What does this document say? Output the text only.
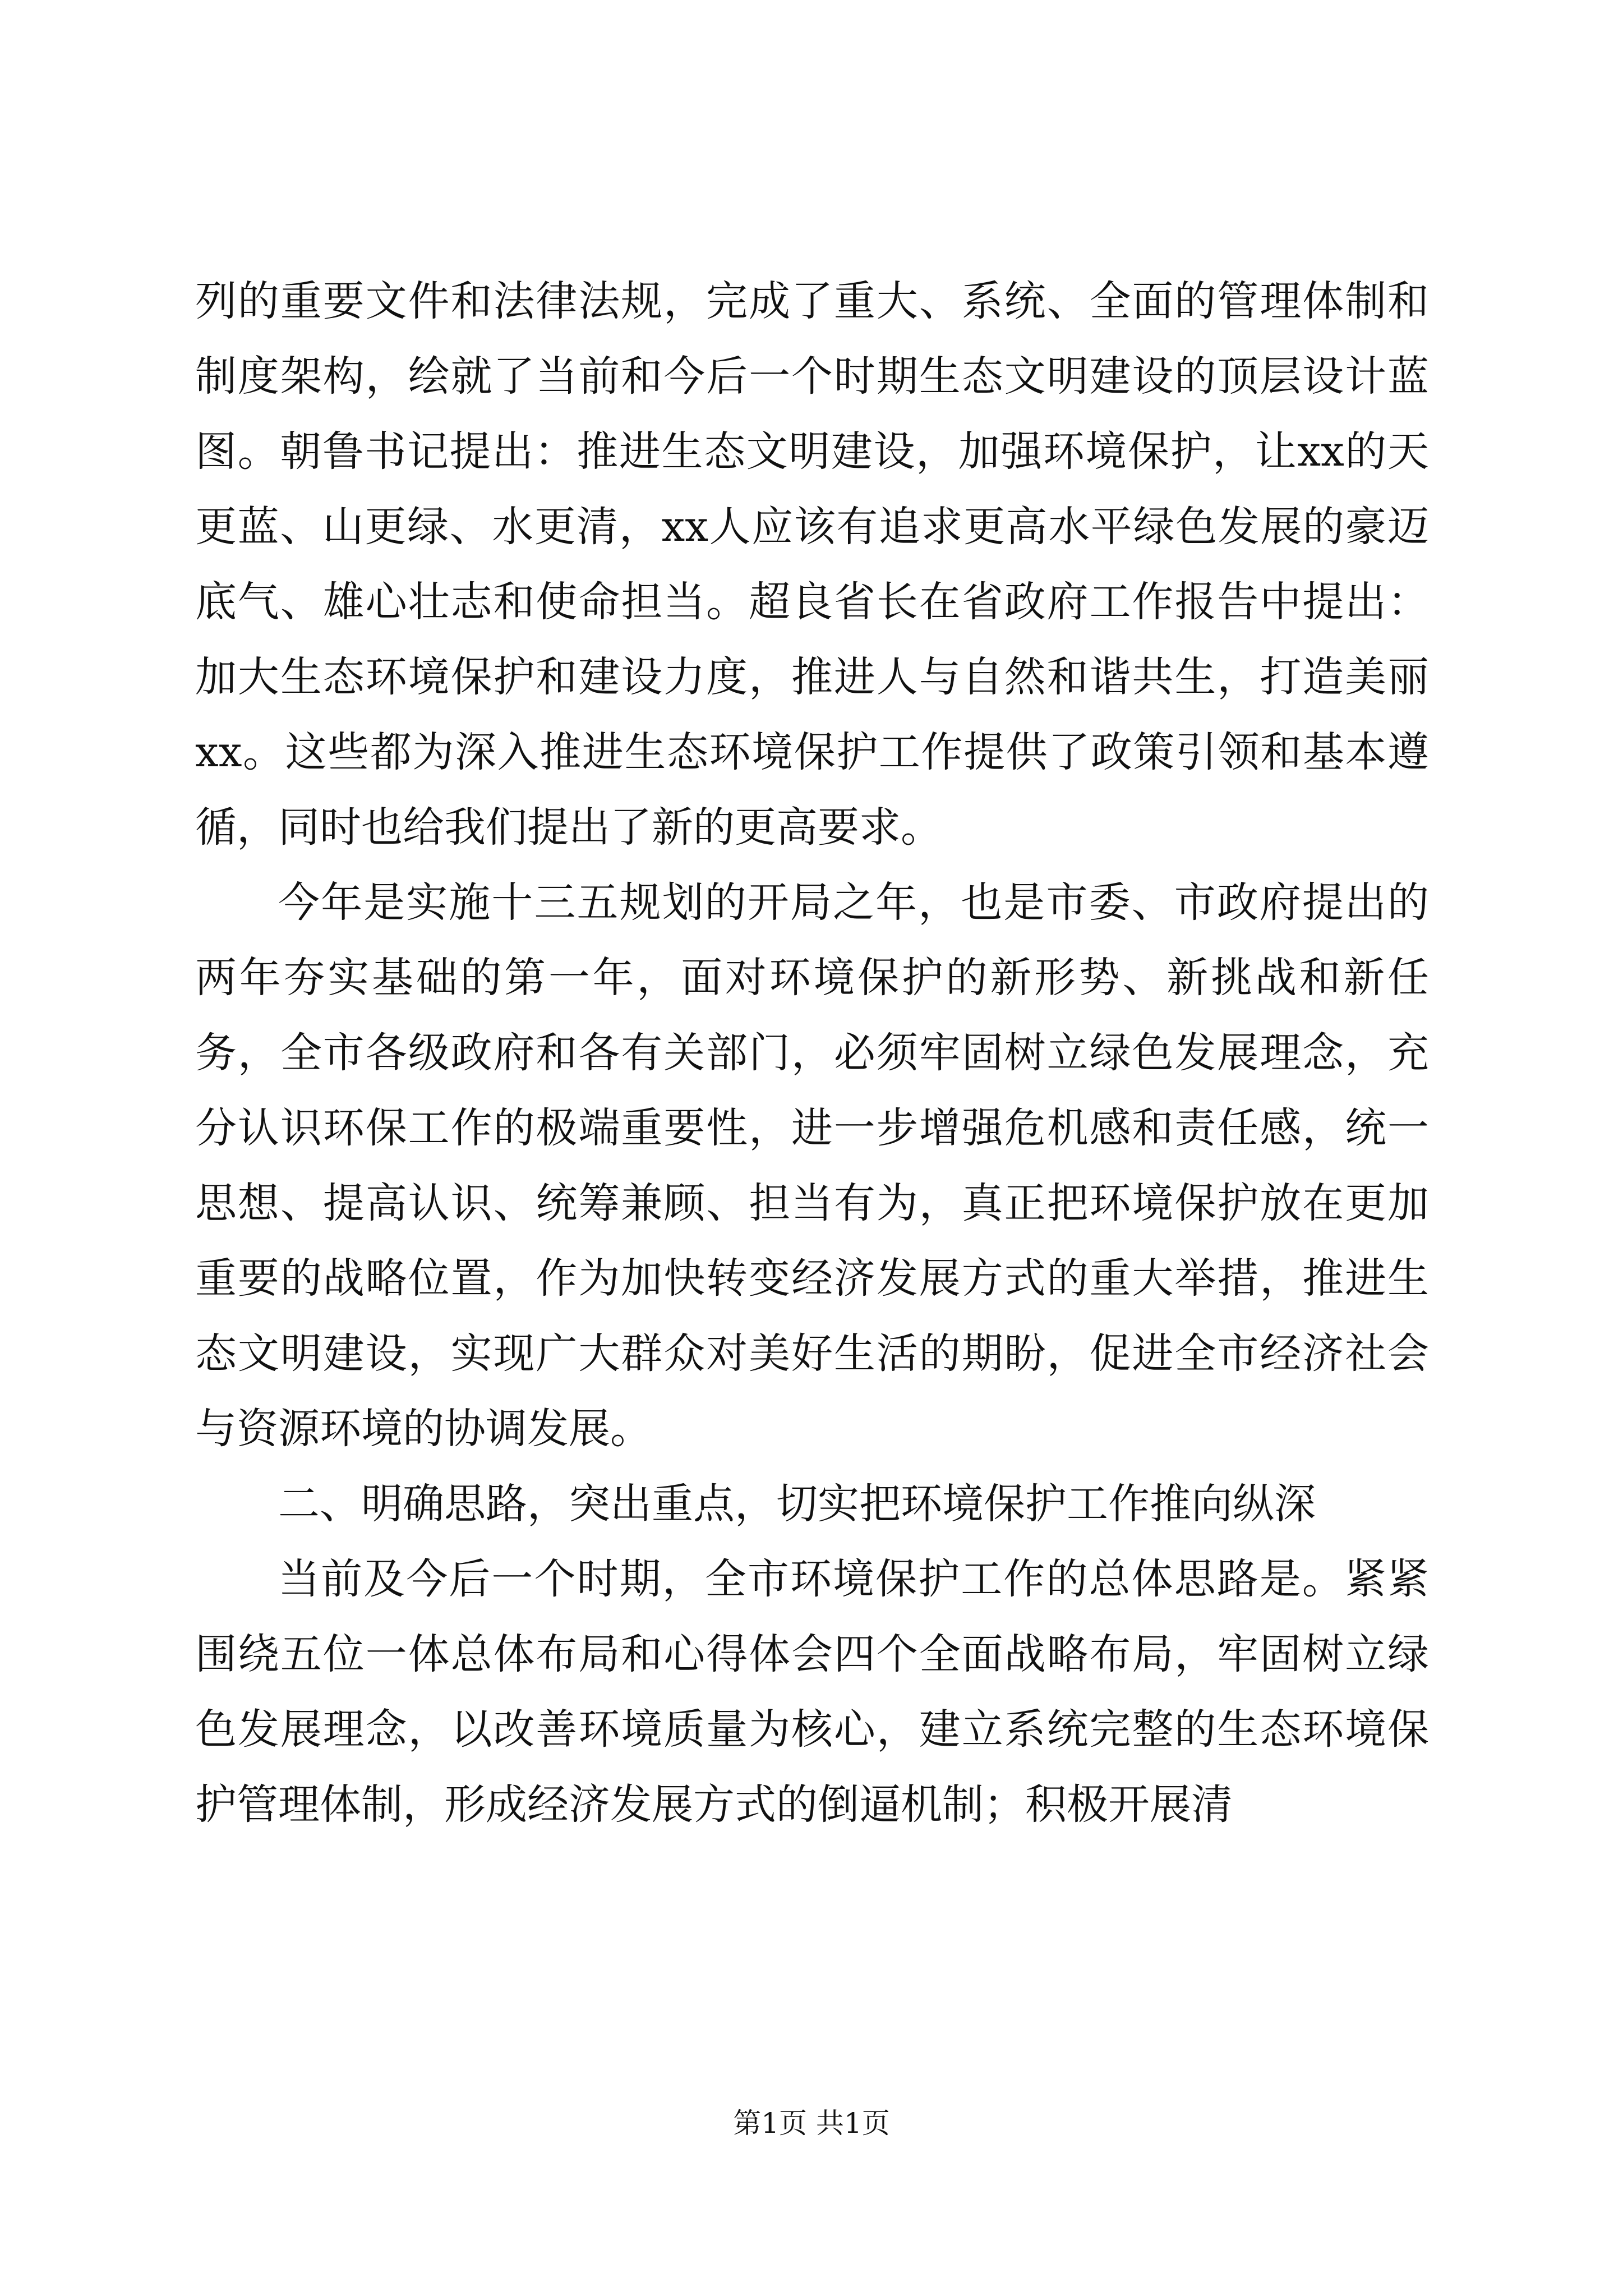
列的重要文件和法律法规，完成了重大、系统、全面的管理体制和制度架构，绘就了当前和今后一个时期生态文明建设的顶层设计蓝图。朝鲁书记提出：推进生态文明建设，加强环境保护，让xx的天更蓝、山更绿、水更清，xx人应该有追求更高水平绿色发展的豪迈底气、雄心壮志和使命担当。超良省长在省政府工作报告中提出：加大生态环境保护和建设力度，推进人与自然和谐共生，打造美丽xx。这些都为深入推进生态环境保护工作提供了政策引领和基本遵循，同时也给我们提出了新的更高要求。

今年是实施十三五规划的开局之年，也是市委、市政府提出的两年夯实基础的第一年，面对环境保护的新形势、新挑战和新任务，全市各级政府和各有关部门，必须牢固树立绿色发展理念，充分认识环保工作的极端重要性，进一步增强危机感和责任感，统一思想、提高认识、统筹兼顾、担当有为，真正把环境保护放在更加重要的战略位置，作为加快转变经济发展方式的重大举措，推进生态文明建设，实现广大群众对美好生活的期盼，促进全市经济社会与资源环境的协调发展。

二、明确思路，突出重点，切实把环境保护工作推向纵深

当前及今后一个时期，全市环境保护工作的总体思路是。紧紧围绕五位一体总体布局和心得体会四个全面战略布局，牢固树立绿色发展理念，以改善环境质量为核心，建立系统完整的生态环境保护管理体制，形成经济发展方式的倒逼机制；积极开展清

第1页 共1页
